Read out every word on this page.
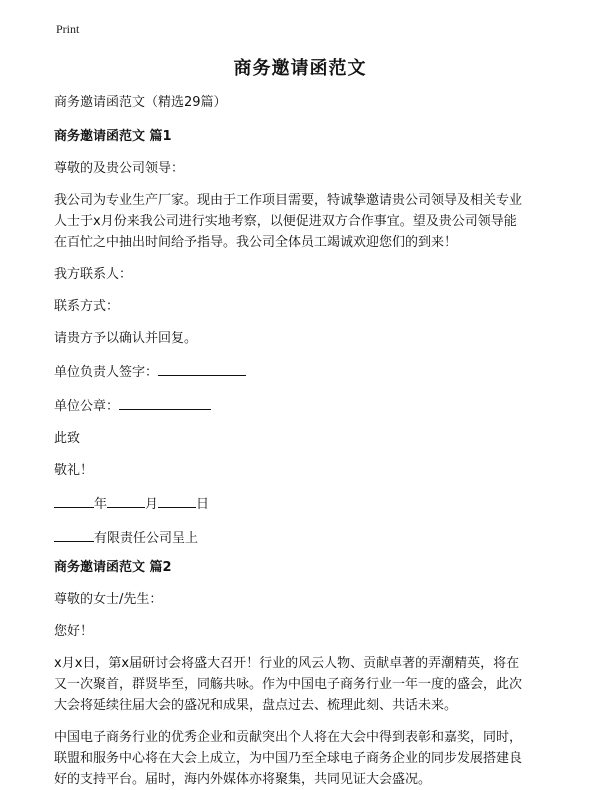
Print
商务邀请函范文

商务邀请函范文（精选29篇）

商务邀请函范文 篇1

尊敬的及贵公司领导：

我公司为专业生产厂家。现由于工作项目需要，特诚挚邀请贵公司领导及相关专业
人士于x月份来我公司进行实地考察，以便促进双方合作事宜。望及贵公司领导能
在百忙之中抽出时间给予指导。我公司全体员工竭诚欢迎您们的到来！

我方联系人：

联系方式：

请贵方予以确认并回复。

单位负责人签字：

单位公章：

此致

敬礼！

年	月	日

有限责任公司呈上

商务邀请函范文 篇2

尊敬的女士/先生：

您好！

x月x日，第x届研讨会将盛大召开！行业的风云人物、贡献卓著的弄潮精英，将在
又一次聚首，群贤毕至，同觞共咏。作为中国电子商务行业一年一度的盛会，此次
大会将延续往届大会的盛况和成果，盘点过去、梳理此刻、共话未来。
中国电子商务行业的优秀企业和贡献突出个人将在大会中得到表彰和嘉奖，同时，
联盟和服务中心将在大会上成立，为中国乃至全球电子商务企业的同步发展搭建良
好的支持平台。届时，海内外媒体亦将聚集，共同见证大会盛况。
